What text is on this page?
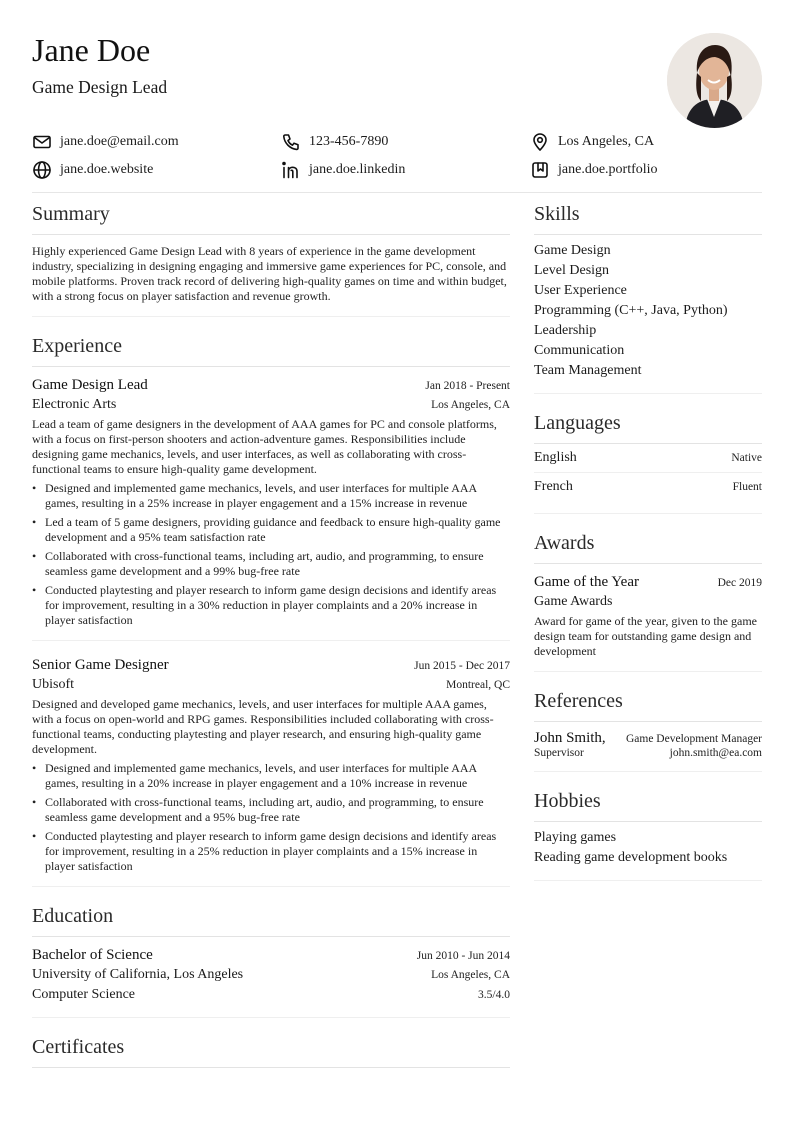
Jane Doe
Game Design Lead
jane.doe@email.com	123-456-7890	Los Angeles, CA
jane.doe.website	jane.doe.linkedin	jane.doe.portfolio
Summary

Highly experienced Game Design Lead with 8 years of experience in the game development industry, specializing in designing engaging and immersive game experiences for PC, console, and mobile platforms. Proven track record of delivering high-quality games on time and within budget, with a strong focus on player satisfaction and revenue growth.

Experience
Game Design Lead	Jan 2018 - Present
Electronic Arts	Los Angeles, CA

Lead a team of game designers in the development of AAA games for PC and console platforms, with a focus on first-person shooters and action-adventure games. Responsibilities include designing game mechanics, levels, and user interfaces, as well as collaborating with cross-functional teams to ensure high-quality game development.

• Designed and implemented game mechanics, levels, and user interfaces for multiple AAA games, resulting in a 25% increase in player engagement and a 15% increase in revenue
• Led a team of 5 game designers, providing guidance and feedback to ensure high-quality game development and a 95% team satisfaction rate
• Collaborated with cross-functional teams, including art, audio, and programming, to ensure seamless game development and a 99% bug-free rate
• Conducted playtesting and player research to inform game design decisions and identify areas for improvement, resulting in a 30% reduction in player complaints and a 20% increase in player satisfaction
Senior Game Designer	Jun 2015 - Dec 2017
Ubisoft	Montreal, QC

Designed and developed game mechanics, levels, and user interfaces for multiple AAA games, with a focus on open-world and RPG games. Responsibilities included collaborating with cross-functional teams, conducting playtesting and player research, and ensuring high-quality game development.

• Designed and implemented game mechanics, levels, and user interfaces for multiple AAA games, resulting in a 20% increase in player engagement and a 10% increase in revenue
• Collaborated with cross-functional teams, including art, audio, and programming, to ensure seamless game development and a 95% bug-free rate
• Conducted playtesting and player research to inform game design decisions and identify areas for improvement, resulting in a 25% reduction in player complaints and a 15% increase in player satisfaction
Education
Bachelor of Science	Jun 2010 - Jun 2014
University of California, Los Angeles	Los Angeles, CA
Computer Science	3.5/4.0
Certificates
Skills
Game Design
Level Design
User Experience
Programming (C++, Java, Python)
Leadership
Communication
Team Management
Languages
English	Native
French	Fluent
Awards
Game of the Year	Dec 2019
Game Awards

Award for game of the year, given to the game design team for outstanding game design and development

References
John Smith, Game Development Manager
Supervisor	john.smith@ea.com
Hobbies
Playing games
Reading game development books
